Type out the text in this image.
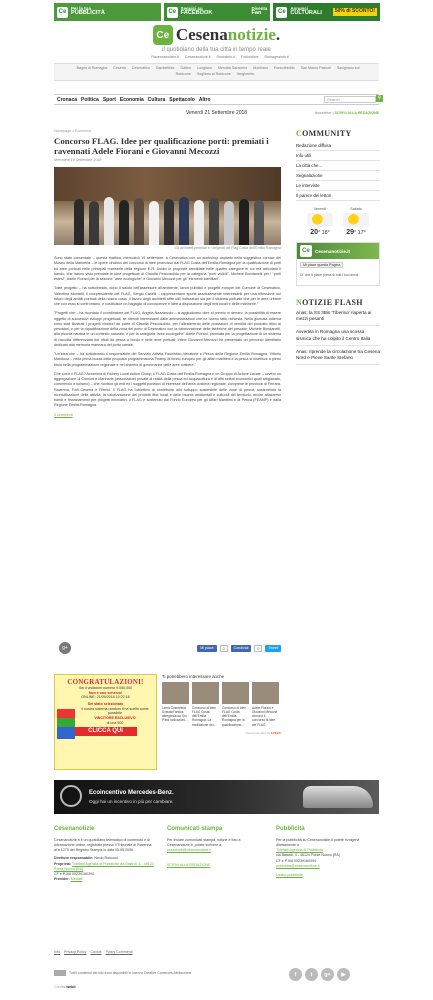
Ce
Per la tua
PUBBLICITÀ	Ce
Seguici su
FACEBOOK
Diventa
Fan	Ce
Annunci
CULTURALI	50% di SCONTO!
Ce Cesenanotizie.
il quotidiano della tua città in tempo reale
Ravennanotizie.it Cesenanotizie.it Riminiinfo.it Forlinotizie Romagnainfo.it
Bagno di Romagna Cesena Cesenatico Gambettola Gatteo Longiano Mercato Saraceno Montiano Roncofreddo San Mauro Pascoli Savignano sul Rubicone Sogliano al Rubicone Verghereto
Cronaca Politica Sport Economia Cultura Spettacolo Altro	Search	⚲
Venerdì 21 Settembre 2018	Newsletter | SCRIVI ALLA REDAZIONE
Homepage > Economia
Concorso FLAG. Idee per qualificazione porti: premiati i ravennati Adele Fiorani e Giovanni Mecozzi
Mercoledì 19 Settembre 2018
Gli architetti premiati e i dirigenti del Flag Costa dell'Emilia Romagna

Sono state presentate – questa mattina, mercoledì 19 settembre, a Cesenatico con un workshop ospitato nella suggestiva cornice del Museo della Marineria – le opere vincitrici del concorso di idee promosso dal FLAG Costa dell'Emilia-Romagna per la qualificazione di porti ed aree portuali nelle principali marinerie della regione E-R. Dodici le proposte candidate nelle quattro categorie in cui era articolato il bando, che hanno visto premiate le idee progettuali di Claudia Pescosolido per la categoria "porti vivibili", Michele Bondanelli per i "porti estesi", Adele Fiorani per la sezione "aree ecologiche" e Giovanni Mecozzi per gli "elementi identitari".

"Idee progetto – ha sottolineato, dopo il saluto dell'assessore all'ambiente, lavori pubblici e progetti europei del Comune di Cesenatico, Valentina Montalti, il vicepresidente del FLAG, Sergio Caselli – rappresentano spunti assolutamente interessanti per una riflessione sul futuro degli ambiti portuali della nostra costa. Il lavoro degli architetti offre utili indicazioni sia per il sistema portuale che per le aree urbane che con esso si confrontano, e costituisce un bagaglio di conoscenze e idee a disposizione degli enti locali e delle marinerie."

"Progetti che – ha ricordato il coordinatore del FLAG, Angela Nazzaruolo – si aggiudicano oltre al premio in denaro, la possibilità di essere oggetto di successivi sviluppi progettuali, se ritenuti interessanti dalle amministrazioni che ne hanno fatto richiesta. Nella giornata odierna sono stati illustrati i progetti vincitori da parte di Claudia Pescosolido, per l'allestimento delle postazioni di vendita del prodotto ittico ai pescatori, e per la riqualificazione della zona del porto di Cesenatico con la valorizzazione delle fabbriche del pescato; Michele Bondanelli, alla piccola nautica in un contesto naturale, e per la categoria "aree ecologiche" Adele Fiorani, premiata per la progettazione di un sistema di raccolta differenziata dei rifiuti da pesca a bordo e nelle aree portuali; infine Giovanni Mecozzi ha presentato un percorso identitario dedicato alla memoria marinara del porto canale.

"Un'idea che – ha sottolineato il responsabile del Servizio Attività Faunistico-Venatorie e Pesca della Regione Emilia Romagna, Vittorio Manduca – nella prima bozza della proposta programmatoria Feamp di fondo europeo per gli affari marittimi e la pesca si inserisce a pieno titolo nella programmazione regionale e nel sistema di governance delle aree costiere."

Che cos'è il FLAG? Acronimo di Fishery Local Action Group, il FLAG Costa dell'Emilia-Romagna è un Gruppo di Azione Locale – ovvero un aggregazione di Comuni e Marinerie (associazioni private di realtà della pesca ed acquacoltura e di altri settori economici quali artigianato, commercio e turismo) – che riunisce gli enti ed i soggetti portatori di interesse dell'area costiera regionale, comprese le province di Ferrara, Ravenna, Forlì-Cesena e Rimini. Il FLAG ha l'obiettivo di contribuire allo sviluppo sostenibile delle zone di pesca, sostenendo la diversificazione delle attività, la valorizzazione dei prodotti ittici locali e delle risorse ambientali e culturali del territorio, anche attraverso bandi e finanziamenti per progetti innovativi. Il FLAG è sostenuto dal Fondo Europeo per gli Affari Marittimi e la Pesca (FEAMP) e dalla Regione Emilia-Romagna.

0 commenti
g+	Mi piace	0	Condividi	0	Tweet
CONGRATULAZIONI!
Sei il visitatore numero 9.000.000
Non è uno scherzo!
ONLINE: 21/09/2018 10:22:18
Sei stato selezionato
Il nostro sistema random ti ha scelto come possibile
VINCITORE ESCLUSIVO
di una 500
CLICCA QUI
Ti potrebbero interessare anche
Linea Cosmetica Svelata l'antica alterglosia da Giù Piedi Indicazioni...
Concorso di idee FLAG Costa dell'Emilia Romagna. La mediazione dei...
Concorso di idee FLAG Costa dell'Emilia-Romagna per la qualificazione...
Adele Fiorani e Giovanni Mecozzi vincono il concorso di idee del FLAG
Raccomandato da EPEEK
Ecoincentivo Mercedes-Benz.
Oggi hai un incentivo in più per cambiare.
Cesenanotizie
Cesenanotizie.it è un quotidiano telematico di contenuto e di informazione online, registrato presso il Tribunale di Ravenna al n.1275 del Registro Stampa in data 05.05.2006.
Direttore responsabile: Nevio Ronconi
Proprietà: Tuttifatti Agenzia di Pubblicità via Baiardi, 4 - 48124 Ponte Nuovo (RA)
CF e P.IVA 00239160394
Provider: Mediati
Comunicati stampa
Per inviare comunicati stampa, notizie e foto a Cesenanotizie.it, potete scrivere a:
redazione@cesenanotizie.it
SCRIVI ALLA REDAZIONE
Pubblicità
Per la pubblicità su Cesenanotizie.it potete rivolgervi direttamente a
Tuttifatti Agenzia di Pubblicità
via Baiardi, 4 - 48124 Ponte Nuovo (RA)
CF e P.IVA 00239160394
pubblicita@cesenanotizie.it
Listino pubblicità
Info Privacy Policy Cookie Policy Commenti
Tutti i contenuti del sito sono disponibili in licenza Creative Commons Attribuzione
Credits webit
f	t	g+	▶
COMMUNITY
Redazione diffusa
Info utili
La città che...
Segnalazione
Le interviste
Il parere dei lettori
Venerdì
20° 18°
Sabato
29° 17°
Ce	Cesenanotizie.it
Mi piace questa Pagina
Di' che ti piace prima di tutti i tuoi amici
NOTIZIE FLASH
Anas: la SS 3Bis 'Tiberina' riaperta ai mezzi pesanti
Avvertita in Romagna una scossa sismica che ha colpito il Centro Italia
Anas: riprende la circolazione tra Cesena Nord e Pieve Sante Stefano
